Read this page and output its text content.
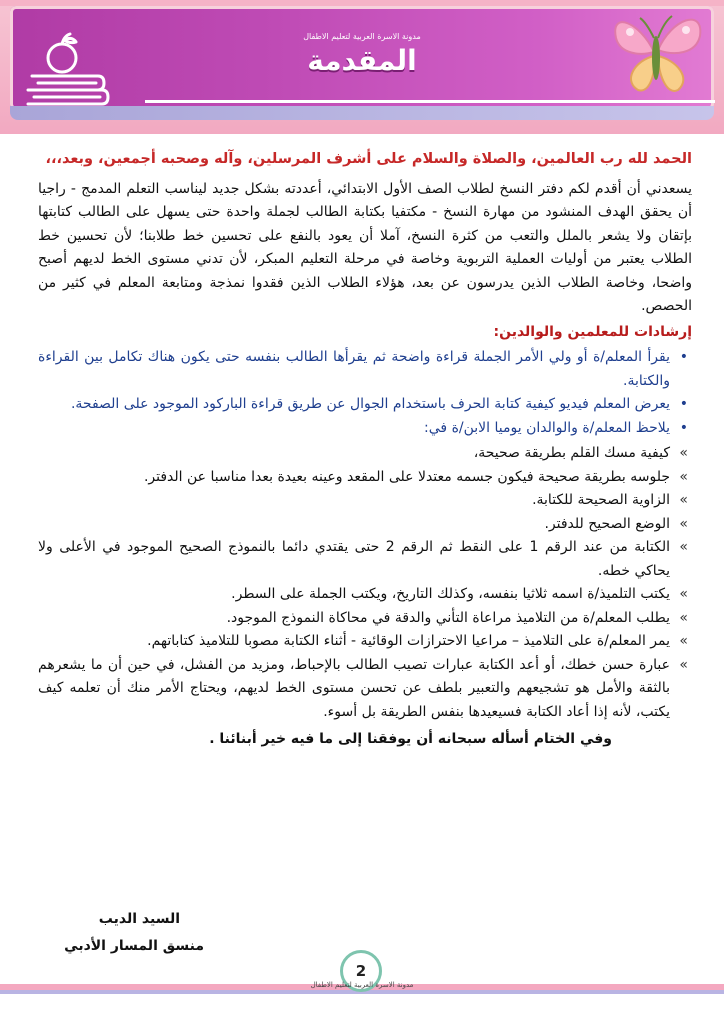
مدونة الاسرة العربية لتعليم الاطفال
المقدمة

الحمد لله رب العالمين، والصلاة والسلام على أشرف المرسلين، وآله وصحبه أجمعين، وبعد،،،

يسعدني أن أقدم لكم دفتر النسخ لطلاب الصف الأول الابتدائي، أعددته بشكل جديد ليناسب التعلم المدمج - راجيا أن يحقق الهدف المنشود من مهارة النسخ - مكتفيا بكتابة الطالب لجملة واحدة حتى يسهل على الطالب كتابتها بإتقان ولا يشعر بالملل والتعب من كثرة النسخ، آملا أن يعود بالنفع على تحسين خط طلابنا؛ لأن تحسين خط الطلاب يعتبر من أوليات العملية التربوية وخاصة في مرحلة التعليم المبكر، لأن تدني مستوى الخط لديهم أصبح واضحا، وخاصة الطلاب الذين يدرسون عن بعد، هؤلاء الطلاب الذين فقدوا نمذجة ومتابعة المعلم في كثير من الحصص.

إرشادات للمعلمين والوالدين:

• يقرأ المعلم/ة أو ولي الأمر الجملة قراءة واضحة ثم يقرأها الطالب بنفسه حتى يكون هناك تكامل بين القراءة والكتابة.
• يعرض المعلم فيديو كيفية كتابة الحرف باستخدام الجوال عن طريق قراءة الباركود الموجود على الصفحة.
• يلاحظ المعلم/ة والوالدان يوميا الابن/ة في:
» كيفية مسك القلم بطريقة صحيحة،
» جلوسه بطريقة صحيحة فيكون جسمه معتدلا على المقعد وعينه بعيدة بعدا مناسبا عن الدفتر.
» الزاوية الصحيحة للكتابة.
» الوضع الصحيح للدفتر.
» الكتابة من عند الرقم 1 على النقط ثم الرقم 2 حتى يقتدي دائما بالنموذج الصحيح الموجود في الأعلى ولا يحاكي خطه.
» يكتب التلميذ/ة اسمه ثلاثيا بنفسه، وكذلك التاريخ، ويكتب الجملة على السطر.
» يطلب المعلم/ة من التلاميذ مراعاة التأني والدقة في محاكاة النموذج الموجود.
» يمر المعلم/ة على التلاميذ – مراعيا الاحترازات الوقائية - أثناء الكتابة مصوبا للتلاميذ كتاباتهم.
» عبارة حسن خطك، أو أعد الكتابة عبارات تصيب الطالب بالإحباط، ومزيد من الفشل، في حين أن ما يشعرهم بالثقة والأمل هو تشجيعهم والتعبير بلطف عن تحسن مستوى الخط لديهم، ويحتاج الأمر منك أن تعلمه كيف يكتب، لأنه إذا أعاد الكتابة فسيعيدها بنفس الطريقة بل أسوء.

وفي الختام أسأله سبحانه أن يوفقنا إلى ما فيه خير أبنائنا .

السيد الديب
منسق المسار الأدبي
2
مدونة الاسرة العربية لتعليم الاطفال
